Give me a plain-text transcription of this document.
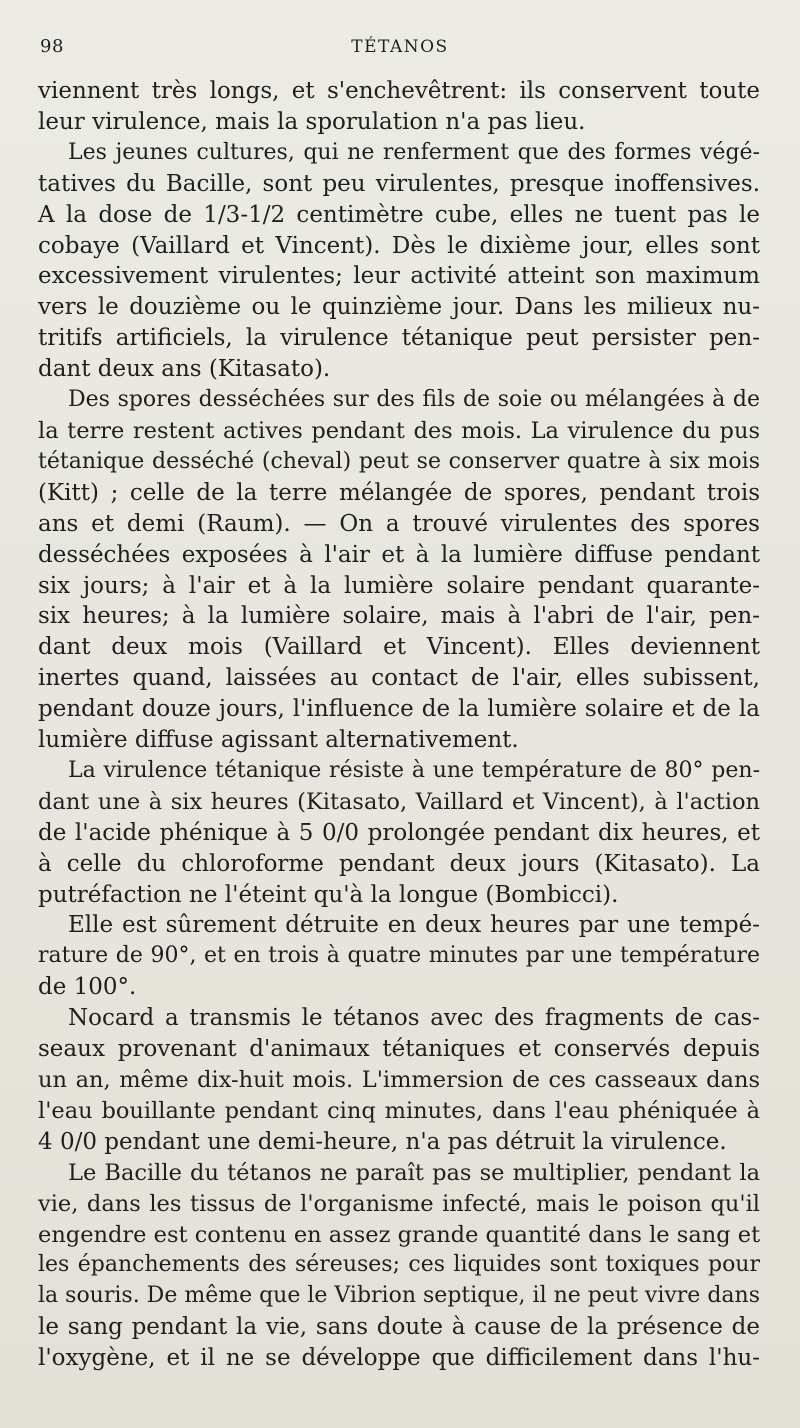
98	TÉTANOS
viennent très longs, et s'enchevêtrent: ils conservent toute
leur virulence, mais la sporulation n'a pas lieu.
Les jeunes cultures, qui ne renferment que des formes végé-
tatives du Bacille, sont peu virulentes, presque inoffensives.
A la dose de 1/3-1/2 centimètre cube, elles ne tuent pas le
cobaye (Vaillard et Vincent). Dès le dixième jour, elles sont
excessivement virulentes; leur activité atteint son maximum
vers le douzième ou le quinzième jour. Dans les milieux nu-
tritifs artificiels, la virulence tétanique peut persister pen-
dant deux ans (Kitasato).
Des spores desséchées sur des fils de soie ou mélangées à de
la terre restent actives pendant des mois. La virulence du pus
tétanique desséché (cheval) peut se conserver quatre à six mois
(Kitt) ; celle de la terre mélangée de spores, pendant trois
ans et demi (Raum). — On a trouvé virulentes des spores
desséchées exposées à l'air et à la lumière diffuse pendant
six jours; à l'air et à la lumière solaire pendant quarante-
six heures; à la lumière solaire, mais à l'abri de l'air, pen-
dant deux mois (Vaillard et Vincent). Elles deviennent
inertes quand, laissées au contact de l'air, elles subissent,
pendant douze jours, l'influence de la lumière solaire et de la
lumière diffuse agissant alternativement.
La virulence tétanique résiste à une température de 80° pen-
dant une à six heures (Kitasato, Vaillard et Vincent), à l'action
de l'acide phénique à 5 0/0 prolongée pendant dix heures, et
à celle du chloroforme pendant deux jours (Kitasato). La
putréfaction ne l'éteint qu'à la longue (Bombicci).
Elle est sûrement détruite en deux heures par une tempé-
rature de 90°, et en trois à quatre minutes par une température
de 100°.
Nocard a transmis le tétanos avec des fragments de cas-
seaux provenant d'animaux tétaniques et conservés depuis
un an, même dix-huit mois. L'immersion de ces casseaux dans
l'eau bouillante pendant cinq minutes, dans l'eau phéniquée à
4 0/0 pendant une demi-heure, n'a pas détruit la virulence.
Le Bacille du tétanos ne paraît pas se multiplier, pendant la
vie, dans les tissus de l'organisme infecté, mais le poison qu'il
engendre est contenu en assez grande quantité dans le sang et
les épanchements des séreuses; ces liquides sont toxiques pour
la souris. De même que le Vibrion septique, il ne peut vivre dans
le sang pendant la vie, sans doute à cause de la présence de
l'oxygène, et il ne se développe que difficilement dans l'hu-
